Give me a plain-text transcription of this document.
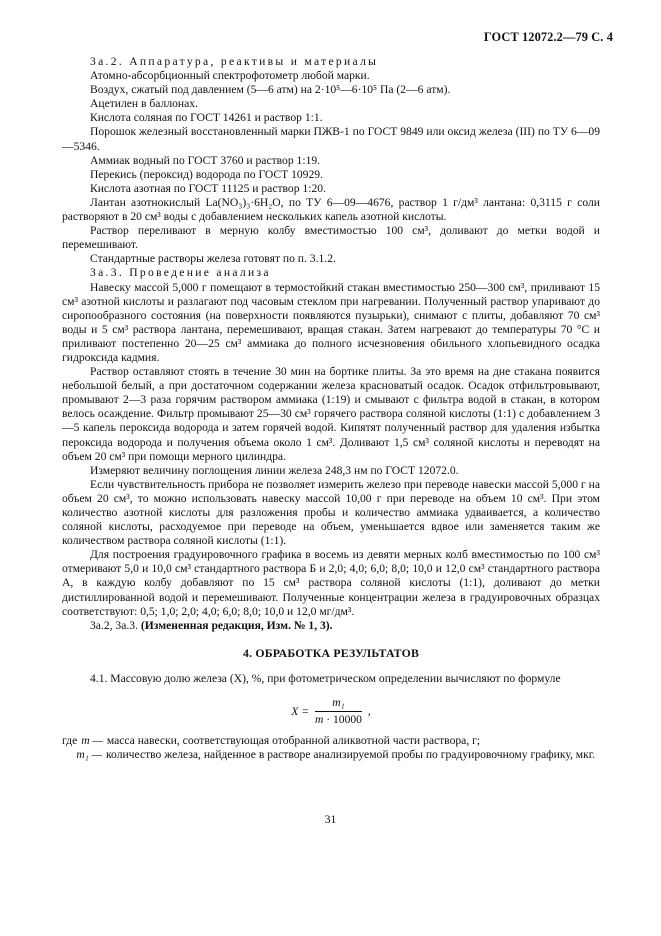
ГОСТ 12072.2—79 С. 4

3а.2. Аппаратура, реактивы и материалы

Атомно-абсорбционный спектрофотометр любой марки.

Воздух, сжатый под давлением (5—6 атм) на 2·10⁵—6·10⁵ Па (2—6 атм).

Ацетилен в баллонах.

Кислота соляная по ГОСТ 14261 и раствор 1:1.

Порошок железный восстановленный марки ПЖВ-1 по ГОСТ 9849 или оксид железа (III) по ТУ 6—09—5346.

Аммиак водный по ГОСТ 3760 и раствор 1:19.

Перекись (пероксид) водорода по ГОСТ 10929.

Кислота азотная по ГОСТ 11125 и раствор 1:20.

Лантан азотнокислый La(NO₃)₃·6H₂O, по ТУ 6—09—4676, раствор 1 г/дм³ лантана: 0,3115 г соли растворяют в 20 см³ воды с добавлением нескольких капель азотной кислоты.

Раствор переливают в мерную колбу вместимостью 100 см³, доливают до метки водой и перемешивают.

Стандартные растворы железа готовят по п. 3.1.2.

3а.3. Проведение анализа

Навеску массой 5,000 г помещают в термостойкий стакан вместимостью 250—300 см³, приливают 15 см³ азотной кислоты и разлагают под часовым стеклом при нагревании. Полученный раствор упаривают до сиропообразного состояния (на поверхности появляются пузырьки), снимают с плиты, добавляют 70 см³ воды и 5 см³ раствора лантана, перемешивают, вращая стакан. Затем нагревают до температуры 70 °С и приливают постепенно 20—25 см³ аммиака до полного исчезновения обильного хлопьевидного осадка гидроксида кадмия.

Раствор оставляют стоять в течение 30 мин на бортике плиты. За это время на дне стакана появится небольшой белый, а при достаточном содержании железа красноватый осадок. Осадок отфильтровывают, промывают 2—3 раза горячим раствором аммиака (1:19) и смывают с фильтра водой в стакан, в котором велось осаждение. Фильтр промывают 25—30 см³ горячего раствора соляной кислоты (1:1) с добавлением 3—5 капель пероксида водорода и затем горячей водой. Кипятят полученный раствор для удаления избытка пероксида водорода и получения объема около 1 см³. Доливают 1,5 см³ соляной кислоты и переводят на объем 20 см³ при помощи мерного цилиндра.

Измеряют величину поглощения линии железа 248,3 нм по ГОСТ 12072.0.

Если чувствительность прибора не позволяет измерить железо при переводе навески массой 5,000 г на объем 20 см³, то можно использовать навеску массой 10,00 г при переводе на объем 10 см³. При этом количество азотной кислоты для разложения пробы и количество аммиака удваивается, а количество соляной кислоты, расходуемое при переводе на объем, уменьшается вдвое или заменяется таким же количеством раствора соляной кислоты (1:1).

Для построения градуировочного графика в восемь из девяти мерных колб вместимостью по 100 см³ отмеривают 5,0 и 10,0 см³ стандартного раствора Б и 2,0; 4,0; 6,0; 8,0; 10,0 и 12,0 см³ стандартного раствора А, в каждую колбу добавляют по 15 см³ раствора соляной кислоты (1:1), доливают до метки дистиллированной водой и перемешивают. Полученные концентрации железа в градуировочных образцах соответствуют: 0,5; 1,0; 2,0; 4,0; 6,0; 8,0; 10,0 и 12,0 мг/дм³.

3а.2, 3а.3. (Измененная редакция, Изм. № 1, 3).

4. ОБРАБОТКА РЕЗУЛЬТАТОВ

4.1. Массовую долю железа (X), %, при фотометрическом определении вычисляют по формуле

$X = \frac{\text{m₁}}{m \cdot 10000}$ ,
где m — масса навески, соответствующая отобранной аликвотной части раствора, г;
m₁ — количество железа, найденное в растворе анализируемой пробы по градуировочному графику, мкг.
31
